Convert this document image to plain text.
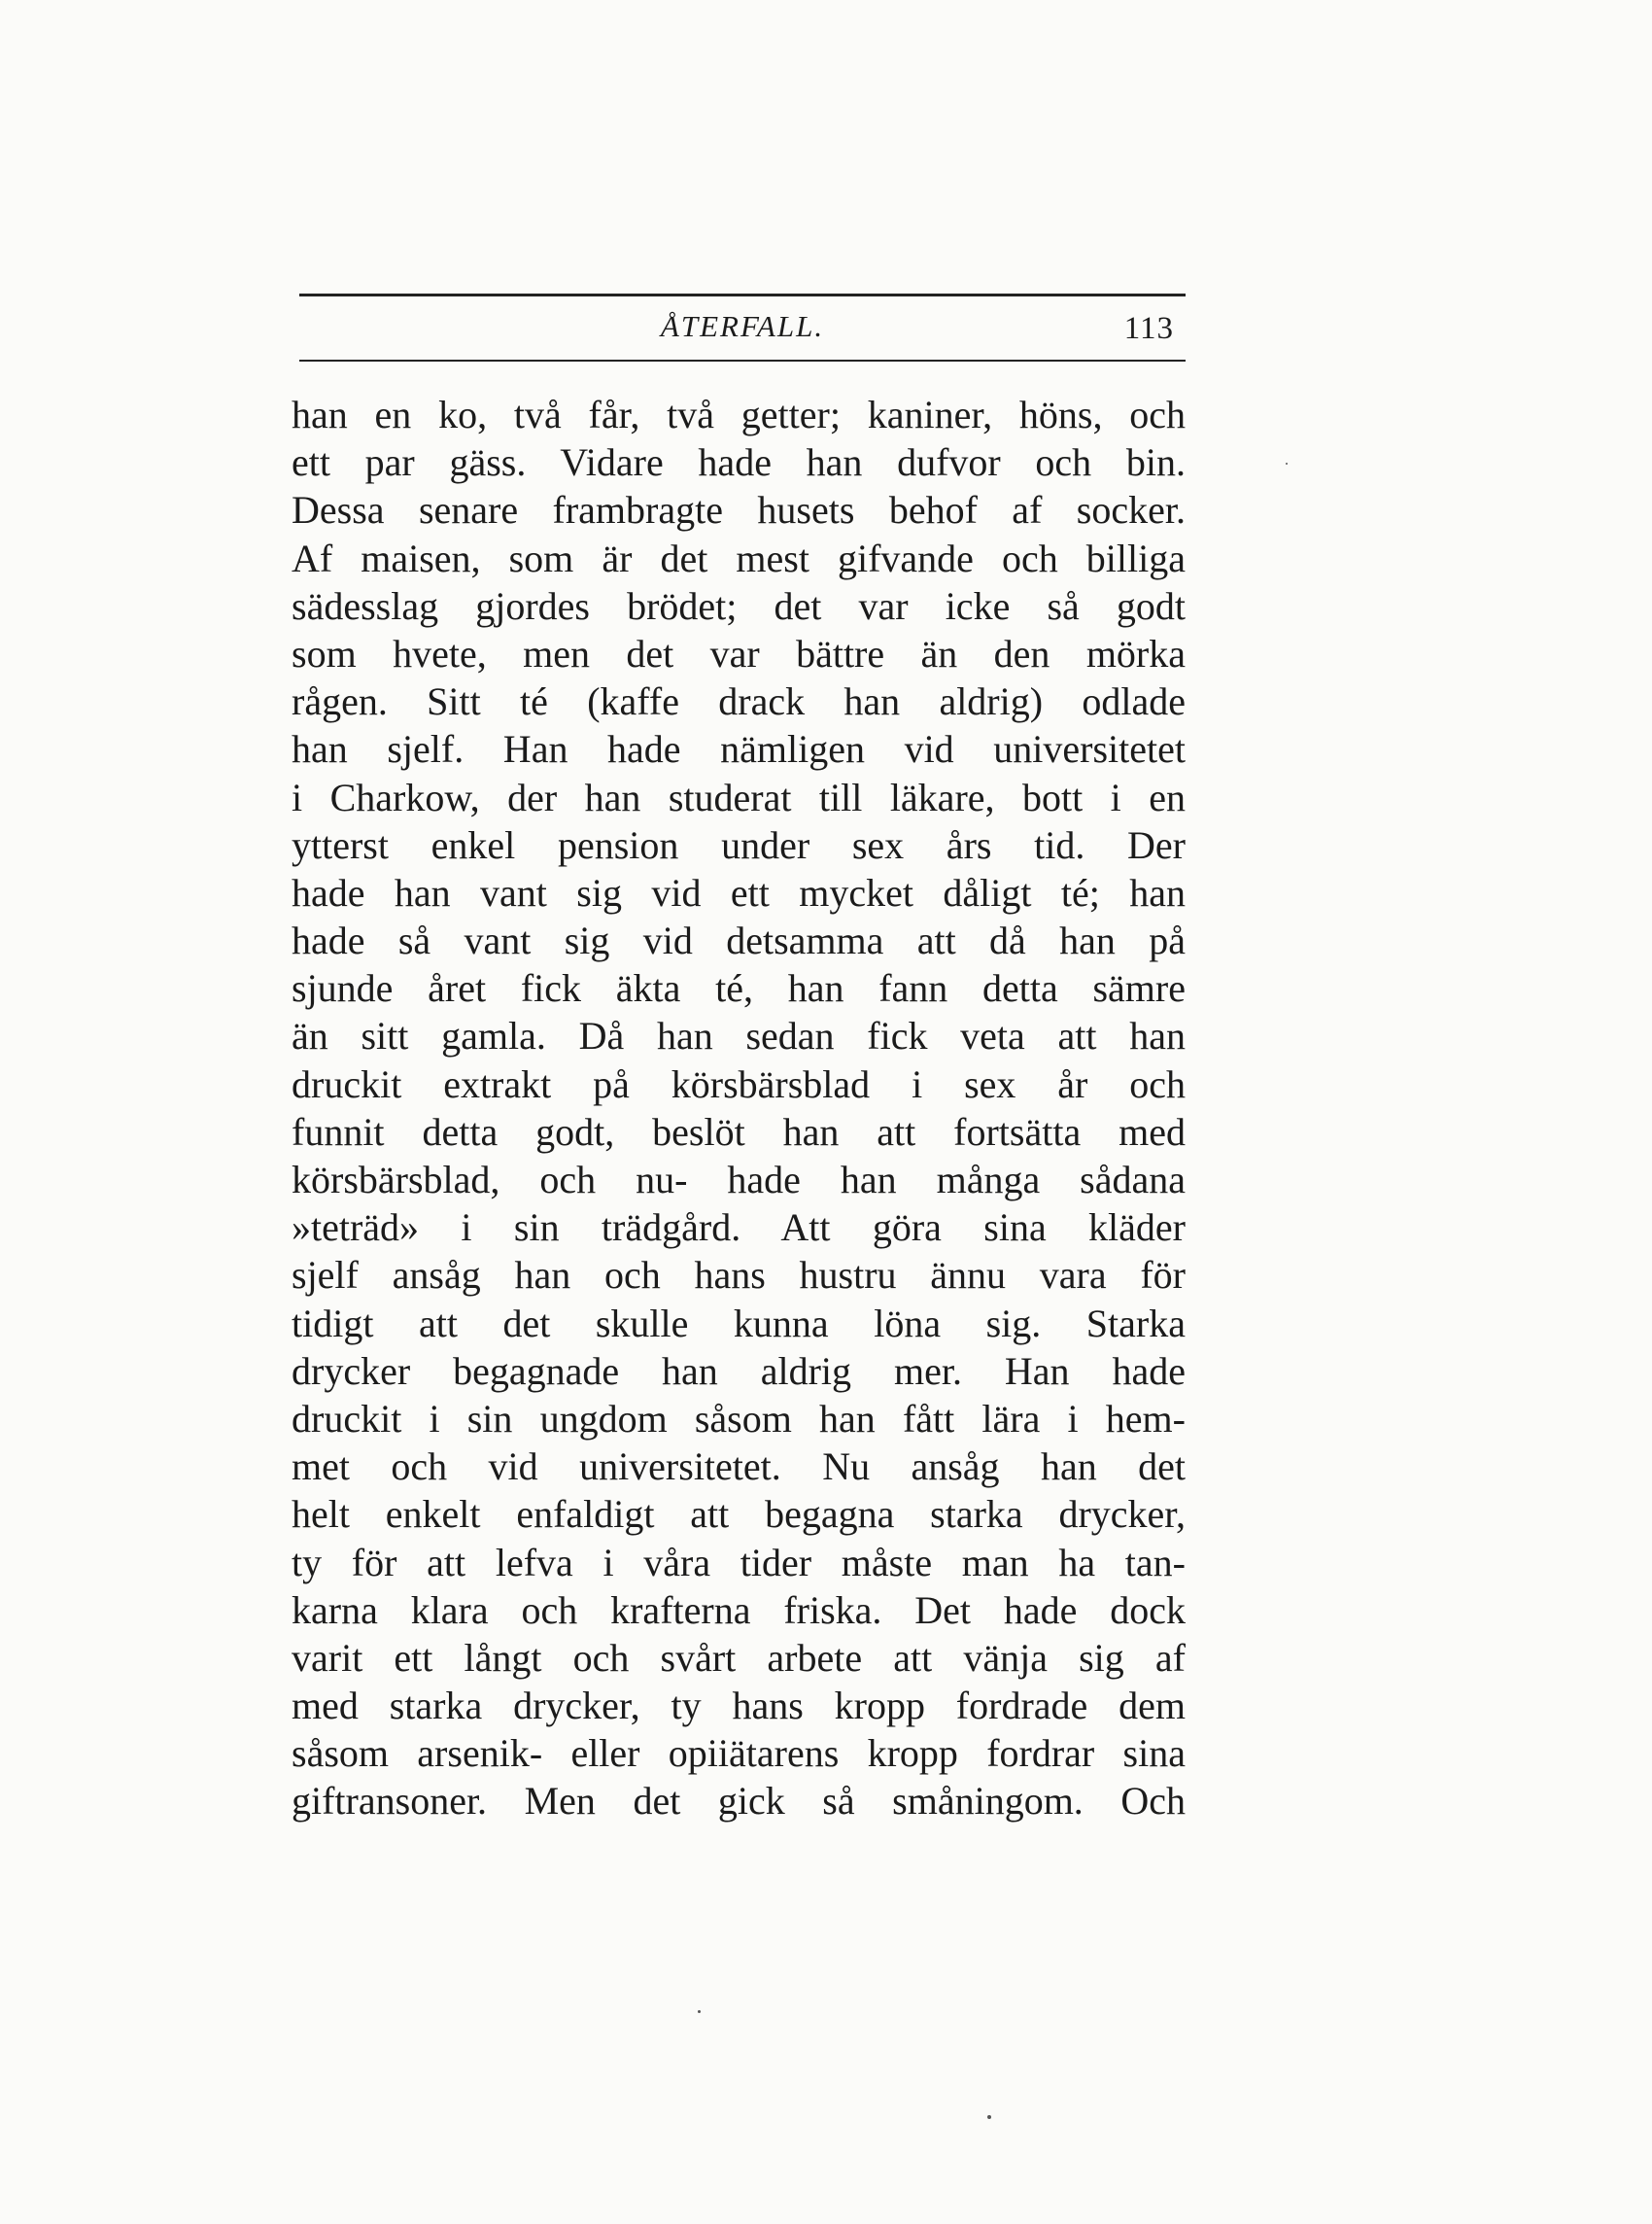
ÅTERFALL.	113
han en ko, två får, två getter; kaniner, höns, och
ett par gäss. Vidare hade han dufvor och bin.
Dessa senare frambragte husets behof af socker.
Af maisen, som är det mest gifvande och billiga
sädesslag gjordes brödet; det var icke så godt
som hvete, men det var bättre än den mörka
rågen. Sitt té (kaffe drack han aldrig) odlade
han sjelf. Han hade nämligen vid universitetet
i Charkow, der han studerat till läkare, bott i en
ytterst enkel pension under sex års tid. Der
hade han vant sig vid ett mycket dåligt té; han
hade så vant sig vid detsamma att då han på
sjunde året fick äkta té, han fann detta sämre
än sitt gamla. Då han sedan fick veta att han
druckit extrakt på körsbärsblad i sex år och
funnit detta godt, beslöt han att fortsätta med
körsbärsblad, och nu- hade han många sådana
»teträd» i sin trädgård. Att göra sina kläder
sjelf ansåg han och hans hustru ännu vara för
tidigt att det skulle kunna löna sig. Starka
drycker begagnade han aldrig mer. Han hade
druckit i sin ungdom såsom han fått lära i hem-
met och vid universitetet. Nu ansåg han det
helt enkelt enfaldigt att begagna starka drycker,
ty för att lefva i våra tider måste man ha tan-
karna klara och krafterna friska. Det hade dock
varit ett långt och svårt arbete att vänja sig af
med starka drycker, ty hans kropp fordrade dem
såsom arsenik- eller opiiätarens kropp fordrar sina
giftransoner. Men det gick så småningom. Och
